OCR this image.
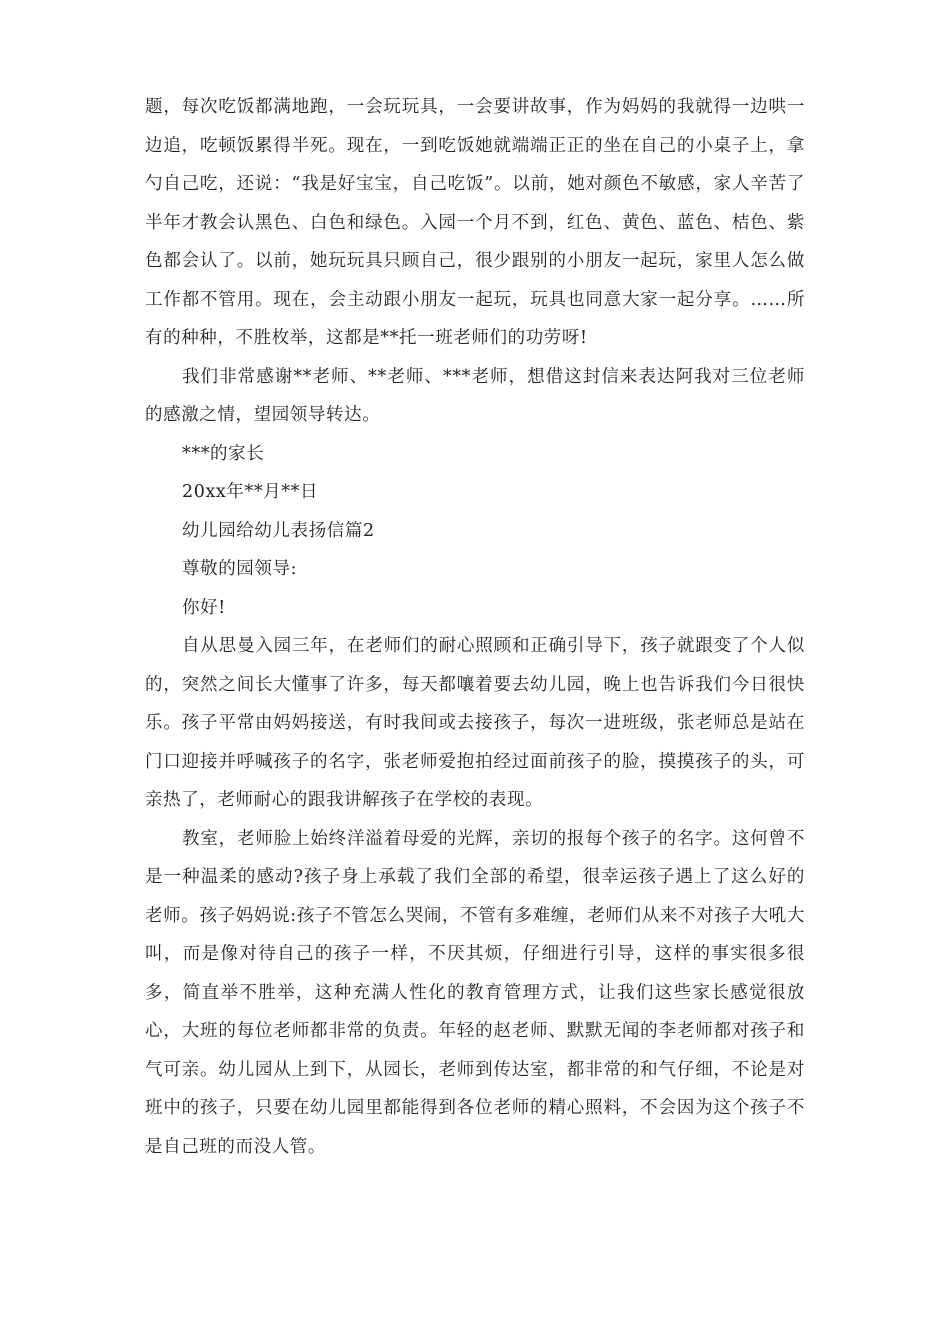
题，每次吃饭都满地跑，一会玩玩具，一会要讲故事，作为妈妈的我就得一边哄一边追，吃顿饭累得半死。现在，一到吃饭她就端端正正的坐在自己的小桌子上，拿勺自己吃，还说：“我是好宝宝，自己吃饭”。以前，她对颜色不敏感，家人辛苦了半年才教会认黑色、白色和绿色。入园一个月不到，红色、黄色、蓝色、桔色、紫色都会认了。以前，她玩玩具只顾自己，很少跟别的小朋友一起玩，家里人怎么做工作都不管用。现在，会主动跟小朋友一起玩，玩具也同意大家一起分享。……所有的种种，不胜枚举，这都是**托一班老师们的功劳呀!

我们非常感谢**老师、**老师、***老师，想借这封信来表达阿我对三位老师的感激之情，望园领导转达。

***的家长

20xx年**月**日

幼儿园给幼儿表扬信篇2

尊敬的园领导:

你好!

自从思曼入园三年，在老师们的耐心照顾和正确引导下，孩子就跟变了个人似的，突然之间长大懂事了许多，每天都嚷着要去幼儿园，晚上也告诉我们今日很快乐。孩子平常由妈妈接送，有时我间或去接孩子，每次一进班级，张老师总是站在门口迎接并呼喊孩子的名字，张老师爱抱拍经过面前孩子的脸，摸摸孩子的头，可亲热了，老师耐心的跟我讲解孩子在学校的表现。

教室，老师脸上始终洋溢着母爱的光辉，亲切的报每个孩子的名字。这何曾不是一种温柔的感动?孩子身上承载了我们全部的希望，很幸运孩子遇上了这么好的老师。孩子妈妈说:孩子不管怎么哭闹，不管有多难缠，老师们从来不对孩子大吼大叫，而是像对待自己的孩子一样，不厌其烦，仔细进行引导，这样的事实很多很多，简直举不胜举，这种充满人性化的教育管理方式，让我们这些家长感觉很放心，大班的每位老师都非常的负责。年轻的赵老师、默默无闻的李老师都对孩子和气可亲。幼儿园从上到下，从园长，老师到传达室，都非常的和气仔细，不论是对班中的孩子，只要在幼儿园里都能得到各位老师的精心照料，不会因为这个孩子不是自己班的而没人管。
